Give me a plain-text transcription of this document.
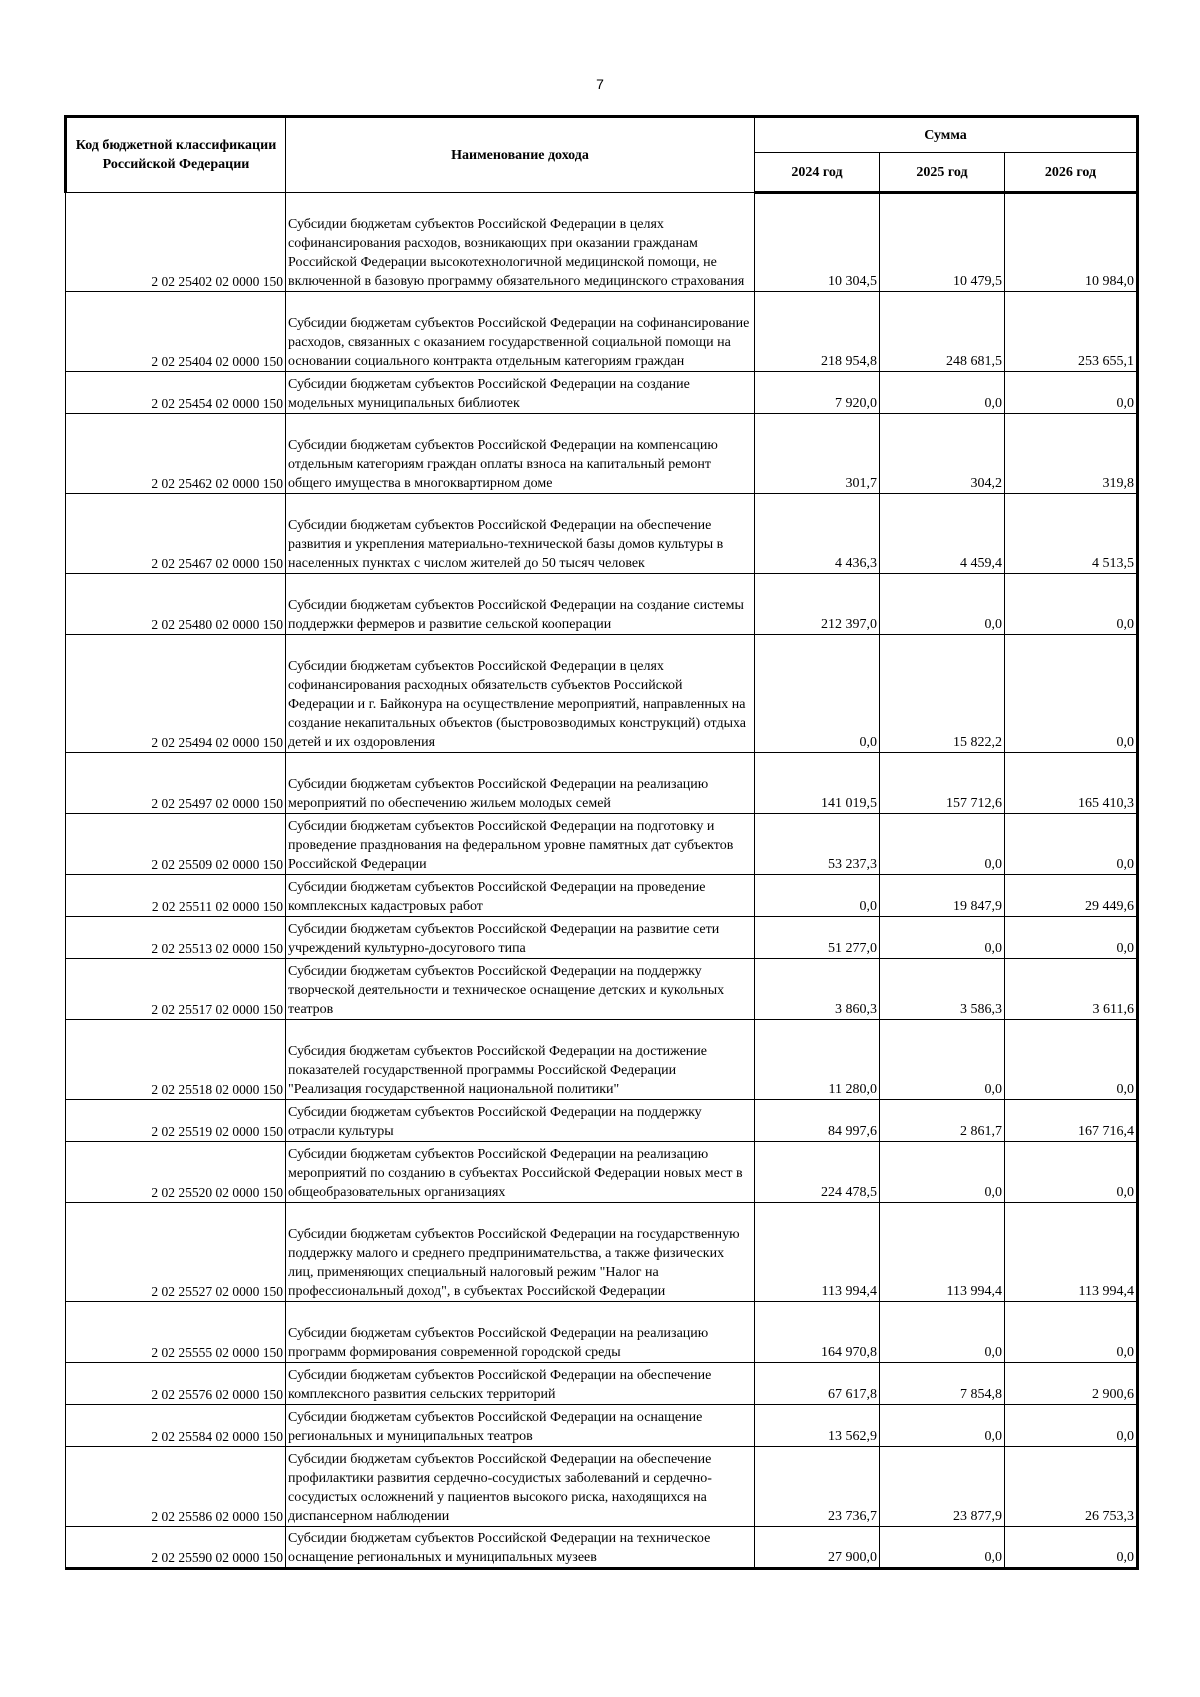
7
Код бюджетной классификации Российской Федерации	Наименование дохода	Сумма		
		2024 год	2025 год	2026 год
2 02 25402 02 0000 150	Субсидии бюджетам субъектов Российской Федерации в целях софинансирования расходов, возникающих при оказании гражданам Российской Федерации высокотехнологичной медицинской помощи, не включенной в базовую программу обязательного медицинского страхования	10 304,5	10 479,5	10 984,0
2 02 25404 02 0000 150	Субсидии бюджетам субъектов Российской Федерации на софинансирование расходов, связанных с оказанием государственной социальной помощи на основании социального контракта отдельным категориям граждан	218 954,8	248 681,5	253 655,1
2 02 25454 02 0000 150	Субсидии бюджетам субъектов Российской Федерации на создание модельных муниципальных библиотек	7 920,0	0,0	0,0
2 02 25462 02 0000 150	Субсидии бюджетам субъектов Российской Федерации на компенсацию отдельным категориям граждан оплаты взноса на капитальный ремонт общего имущества в многоквартирном доме	301,7	304,2	319,8
2 02 25467 02 0000 150	Субсидии бюджетам субъектов Российской Федерации на обеспечение развития и укрепления материально-технической базы домов культуры в населенных пунктах с числом жителей до 50 тысяч человек	4 436,3	4 459,4	4 513,5
2 02 25480 02 0000 150	Субсидии бюджетам субъектов Российской Федерации на создание системы поддержки фермеров и развитие сельской кооперации	212 397,0	0,0	0,0
2 02 25494 02 0000 150	Субсидии бюджетам субъектов Российской Федерации в целях софинансирования расходных обязательств субъектов Российской Федерации и г. Байконура на осуществление мероприятий, направленных на создание некапитальных объектов (быстровозводимых конструкций) отдыха детей и их оздоровления	0,0	15 822,2	0,0
2 02 25497 02 0000 150	Субсидии бюджетам субъектов Российской Федерации на реализацию мероприятий по обеспечению жильем молодых семей	141 019,5	157 712,6	165 410,3
2 02 25509 02 0000 150	Субсидии бюджетам субъектов Российской Федерации на подготовку и проведение празднования на федеральном уровне памятных дат субъектов Российской Федерации	53 237,3	0,0	0,0
2 02 25511 02 0000 150	Субсидии бюджетам субъектов Российской Федерации на проведение комплексных кадастровых работ	0,0	19 847,9	29 449,6
2 02 25513 02 0000 150	Субсидии бюджетам субъектов Российской Федерации на развитие сети учреждений культурно-досугового типа	51 277,0	0,0	0,0
2 02 25517 02 0000 150	Субсидии бюджетам субъектов Российской Федерации на поддержку творческой деятельности и техническое оснащение детских и кукольных театров	3 860,3	3 586,3	3 611,6
2 02 25518 02 0000 150	Субсидия бюджетам субъектов Российской Федерации на достижение показателей государственной программы Российской Федерации "Реализация государственной национальной политики"	11 280,0	0,0	0,0
2 02 25519 02 0000 150	Субсидии бюджетам субъектов Российской Федерации на поддержку отрасли культуры	84 997,6	2 861,7	167 716,4
2 02 25520 02 0000 150	Субсидии бюджетам субъектов Российской Федерации на реализацию мероприятий по созданию в субъектах Российской Федерации новых мест в общеобразовательных организациях	224 478,5	0,0	0,0
2 02 25527 02 0000 150	Субсидии бюджетам субъектов Российской Федерации на государственную поддержку малого и среднего предпринимательства, а также физических лиц, применяющих специальный налоговый режим "Налог на профессиональный доход", в субъектах Российской Федерации	113 994,4	113 994,4	113 994,4
2 02 25555 02 0000 150	Субсидии бюджетам субъектов Российской Федерации на реализацию программ формирования современной городской среды	164 970,8	0,0	0,0
2 02 25576 02 0000 150	Субсидии бюджетам субъектов Российской Федерации на обеспечение комплексного развития сельских территорий	67 617,8	7 854,8	2 900,6
2 02 25584 02 0000 150	Субсидии бюджетам субъектов Российской Федерации на оснащение региональных и муниципальных театров	13 562,9	0,0	0,0
2 02 25586 02 0000 150	Субсидии бюджетам субъектов Российской Федерации на обеспечение профилактики развития сердечно-сосудистых заболеваний и сердечно-сосудистых осложнений у пациентов высокого риска, находящихся на диспансерном наблюдении	23 736,7	23 877,9	26 753,3
2 02 25590 02 0000 150	Субсидии бюджетам субъектов Российской Федерации на техническое оснащение региональных и муниципальных музеев	27 900,0	0,0	0,0
